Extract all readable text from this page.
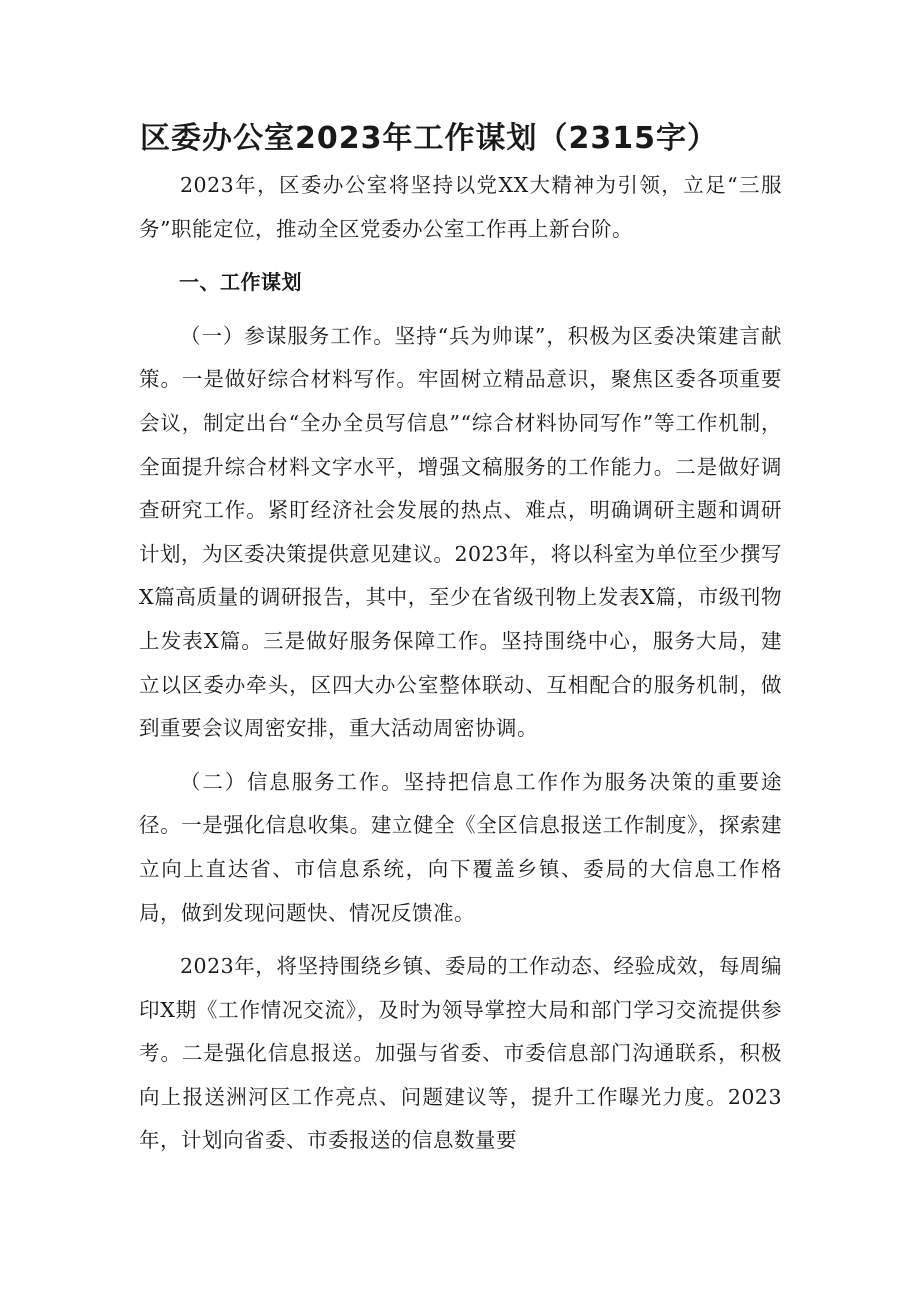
区委办公室2023年工作谋划（2315字）

2023年，区委办公室将坚持以党XX大精神为引领，立足“三服务”职能定位，推动全区党委办公室工作再上新台阶。

一、工作谋划

（一）参谋服务工作。坚持“兵为帅谋”，积极为区委决策建言献策。一是做好综合材料写作。牢固树立精品意识，聚焦区委各项重要会议，制定出台“全办全员写信息”“综合材料协同写作”等工作机制，全面提升综合材料文字水平，增强文稿服务的工作能力。二是做好调查研究工作。紧盯经济社会发展的热点、难点，明确调研主题和调研计划，为区委决策提供意见建议。2023年，将以科室为单位至少撰写X篇高质量的调研报告，其中，至少在省级刊物上发表X篇，市级刊物上发表X篇。三是做好服务保障工作。坚持围绕中心，服务大局，建立以区委办牵头，区四大办公室整体联动、互相配合的服务机制，做到重要会议周密安排，重大活动周密协调。

（二）信息服务工作。坚持把信息工作作为服务决策的重要途径。一是强化信息收集。建立健全《全区信息报送工作制度》，探索建立向上直达省、市信息系统，向下覆盖乡镇、委局的大信息工作格局，做到发现问题快、情况反馈准。

2023年，将坚持围绕乡镇、委局的工作动态、经验成效，每周编印X期《工作情况交流》，及时为领导掌控大局和部门学习交流提供参考。二是强化信息报送。加强与省委、市委信息部门沟通联系，积极向上报送洲河区工作亮点、问题建议等，提升工作曝光力度。2023年，计划向省委、市委报送的信息数量要
